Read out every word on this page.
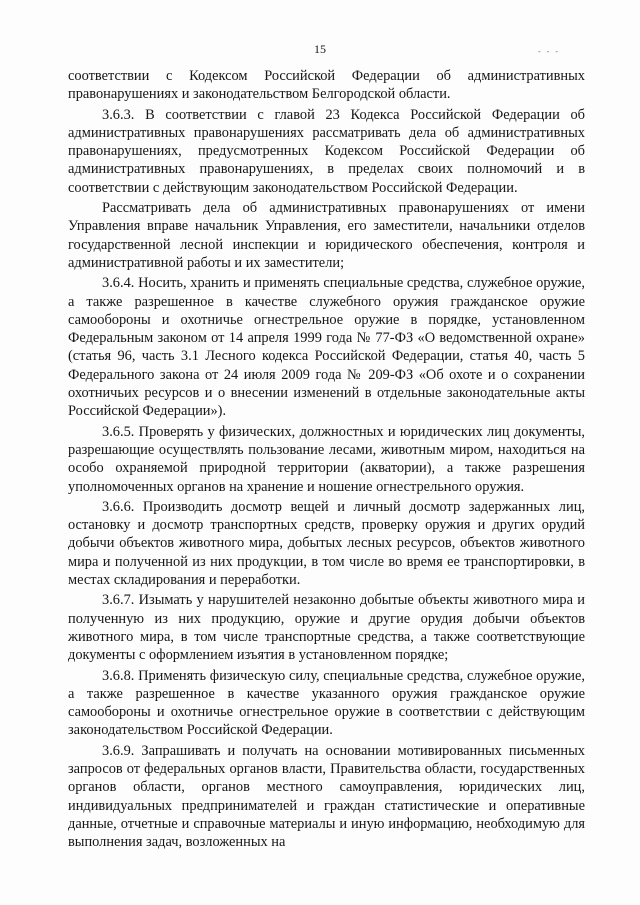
15	- - -

соответствии с Кодексом Российской Федерации об административных правонарушениях и законодательством Белгородской области.

3.6.3. В соответствии с главой 23 Кодекса Российской Федерации об административных правонарушениях рассматривать дела об административных правонарушениях, предусмотренных Кодексом Российской Федерации об административных правонарушениях, в пределах своих полномочий и в соответствии с действующим законодательством Российской Федерации.

Рассматривать дела об административных правонарушениях от имени Управления вправе начальник Управления, его заместители, начальники отделов государственной лесной инспекции и юридического обеспечения, контроля и административной работы и их заместители;

3.6.4. Носить, хранить и применять специальные средства, служебное оружие, а также разрешенное в качестве служебного оружия гражданское оружие самообороны и охотничье огнестрельное оружие в порядке, установленном Федеральным законом от 14 апреля 1999 года № 77-ФЗ «О ведомственной охране» (статья 96, часть 3.1 Лесного кодекса Российской Федерации, статья 40, часть 5 Федерального закона от 24 июля 2009 года № 209-ФЗ «Об охоте и о сохранении охотничьих ресурсов и о внесении изменений в отдельные законодательные акты Российской Федерации»).

3.6.5. Проверять у физических, должностных и юридических лиц документы, разрешающие осуществлять пользование лесами, животным миром, находиться на особо охраняемой природной территории (акватории), а также разрешения уполномоченных органов на хранение и ношение огнестрельного оружия.

3.6.6. Производить досмотр вещей и личный досмотр задержанных лиц, остановку и досмотр транспортных средств, проверку оружия и других орудий добычи объектов животного мира, добытых лесных ресурсов, объектов животного мира и полученной из них продукции, в том числе во время ее транспортировки, в местах складирования и переработки.

3.6.7. Изымать у нарушителей незаконно добытые объекты животного мира и полученную из них продукцию, оружие и другие орудия добычи объектов животного мира, в том числе транспортные средства, а также соответствующие документы с оформлением изъятия в установленном порядке;

3.6.8. Применять физическую силу, специальные средства, служебное оружие, а также разрешенное в качестве указанного оружия гражданское оружие самообороны и охотничье огнестрельное оружие в соответствии с действующим законодательством Российской Федерации.

3.6.9. Запрашивать и получать на основании мотивированных письменных запросов от федеральных органов власти, Правительства области, государственных органов области, органов местного самоуправления, юридических лиц, индивидуальных предпринимателей и граждан статистические и оперативные данные, отчетные и справочные материалы и иную информацию, необходимую для выполнения задач, возложенных на
